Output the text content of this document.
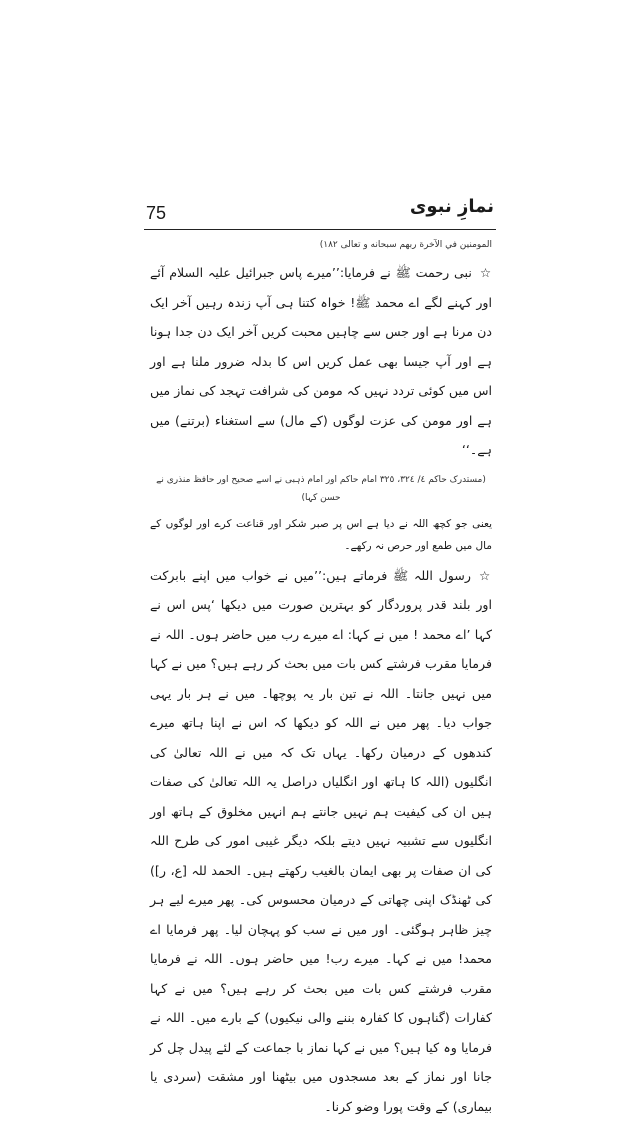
75	نمازِ نبوی

المومنين في الآخرة ربهم سبحانه و تعالى ١٨٢)

☆نبی رحمت ﷺ نے فرمایا:’’میرے پاس جبرائیل علیہ السلام آئے اور کہنے لگے اے محمد ﷺ! خواہ کتنا ہی آپ زندہ رہیں آخر ایک دن مرنا ہے اور جس سے چاہیں محبت کریں آخر ایک دن جدا ہونا ہے اور آپ جیسا بھی عمل کریں اس کا بدلہ ضرور ملنا ہے اور اس میں کوئی تردد نہیں کہ مومن کی شرافت تہجد کی نماز میں ہے اور مومن کی عزت لوگوں (کے مال) سے استغناء (برتنے) میں ہے۔‘‘

(مستدرک حاکم ٤/ ٣٢٤، ٣٢٥ امام حاکم اور امام ذہبی نے اسے صحیح اور حافظ منذری نے حسن کہا)

یعنی جو کچھ اللہ نے دیا ہے اس پر صبر شکر اور قناعت کرے اور لوگوں کے مال میں طمع اور حرص نہ رکھے۔

☆رسول اللہ ﷺ فرماتے ہیں:’’میں نے خواب میں اپنے بابرکت اور بلند قدر پروردگار کو بہترین صورت میں دیکھا ‘پس اس نے کہا ’اے محمد ! میں نے کہا: اے میرے رب میں حاضر ہوں۔ اللہ نے فرمایا مقرب فرشتے کس بات میں بحث کر رہے ہیں؟ میں نے کہا میں نہیں جانتا۔ اللہ نے تین بار یہ پوچھا۔ میں نے ہر بار یہی جواب دیا۔ پھر میں نے اللہ کو دیکھا کہ اس نے اپنا ہاتھ میرے کندھوں کے درمیان رکھا۔ یہاں تک کہ میں نے اللہ تعالیٰ کی انگلیوں (اللہ کا ہاتھ اور انگلیاں دراصل یہ اللہ تعالیٰ کی صفات ہیں ان کی کیفیت ہم نہیں جانتے ہم انہیں مخلوق کے ہاتھ اور انگلیوں سے تشبیہ نہیں دیتے بلکہ دیگر غیبی امور کی طرح اللہ کی ان صفات پر بھی ایمان بالغیب رکھتے ہیں۔ الحمد للہ [ع، ر]) کی ٹھنڈک اپنی چھاتی کے درمیان محسوس کی۔ پھر میرے لیے ہر چیز ظاہر ہوگئی۔ اور میں نے سب کو پہچان لیا۔ پھر فرمایا اے محمد! میں نے کہا۔ میرے رب! میں حاضر ہوں۔ اللہ نے فرمایا مقرب فرشتے کس بات میں بحث کر رہے ہیں؟ میں نے کہا کفارات (گناہوں کا کفارہ بننے والی نیکیوں) کے بارے میں۔ اللہ نے فرمایا وہ کیا ہیں؟ میں نے کہا نماز با جماعت کے لئے پیدل چل کر جانا اور نماز کے بعد مسجدوں میں بیٹھنا اور مشقت (سردی یا بیماری) کے وقت پورا وضو کرنا۔
